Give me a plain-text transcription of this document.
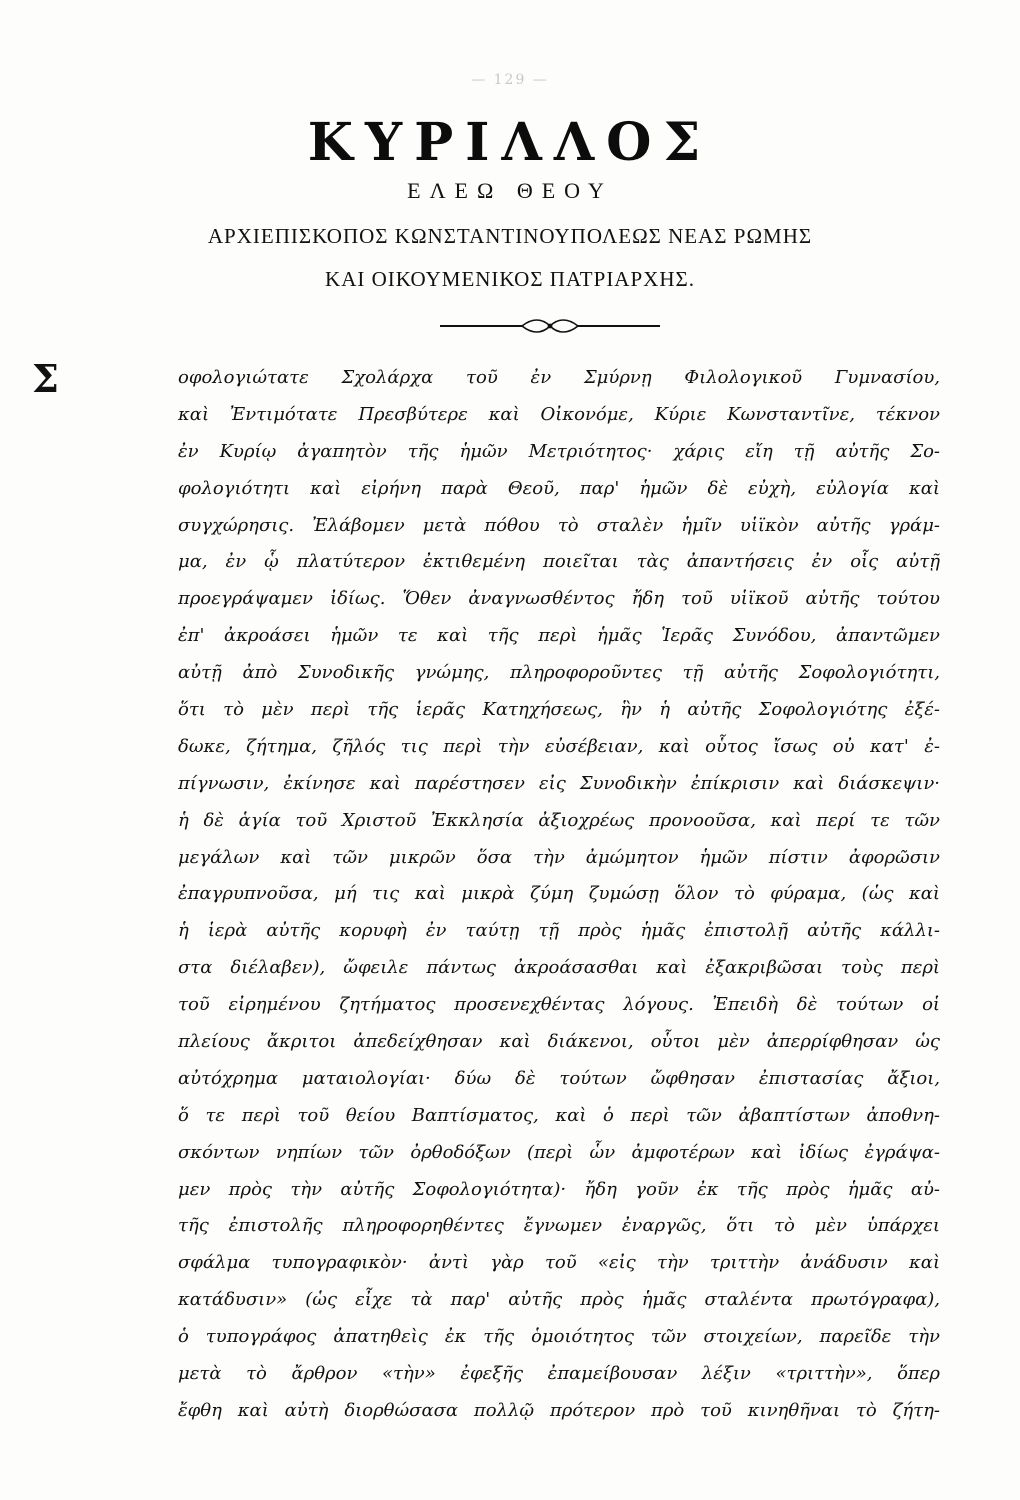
— 129 —
ΚΥΡΙΛΛΟΣ
ΕΛΕΩ ΘΕΟΥ
ΑΡΧΙΕΠΙΣΚΟΠΟΣ ΚΩΝΣΤΑΝΤΙΝΟΥΠΟΛΕΩΣ ΝΕΑΣ ΡΩΜΗΣ
ΚΑΙ ΟΙΚΟΥΜΕΝΙΚΟΣ ΠΑΤΡΙΑΡΧΗΣ.
Σ	οφολογιώτατε Σχολάρχα τοῦ ἐν Σμύρνῃ Φιλολογικοῦ Γυμνασίου,
καὶ Ἐντιμότατε Πρεσβύτερε καὶ Οἰκονόμε, Κύριε Κωνσταντῖνε, τέκνον
ἐν Κυρίῳ ἀγαπητὸν τῆς ἡμῶν Μετριότητος· χάρις εἴη τῇ αὐτῆς Σο-
φολογιότητι καὶ εἰρήνη παρὰ Θεοῦ, παρ' ἡμῶν δὲ εὐχὴ, εὐλογία καὶ
συγχώρησις. Ἐλάβομεν μετὰ πόθου τὸ σταλὲν ἡμῖν υἱϊκὸν αὐτῆς γράμ-
μα, ἐν ᾧ πλατύτερον ἐκτιθεμένη ποιεῖται τὰς ἀπαντήσεις ἐν οἷς αὐτῇ
προεγράψαμεν ἰδίως. Ὅθεν ἀναγνωσθέντος ἤδη τοῦ υἱϊκοῦ αὐτῆς τούτου
ἐπ' ἀκροάσει ἡμῶν τε καὶ τῆς περὶ ἡμᾶς Ἱερᾶς Συνόδου, ἀπαντῶμεν
αὐτῇ ἀπὸ Συνοδικῆς γνώμης, πληροφοροῦντες τῇ αὐτῆς Σοφολογιότητι,
ὅτι τὸ μὲν περὶ τῆς ἱερᾶς Κατηχήσεως, ἣν ἡ αὐτῆς Σοφολογιότης ἐξέ-
δωκε, ζήτημα, ζῆλός τις περὶ τὴν εὐσέβειαν, καὶ οὗτος ἴσως οὐ κατ' ἐ-
πίγνωσιν, ἐκίνησε καὶ παρέστησεν εἰς Συνοδικὴν ἐπίκρισιν καὶ διάσκεψιν·
ἡ δὲ ἁγία τοῦ Χριστοῦ Ἐκκλησία ἀξιοχρέως προνοοῦσα, καὶ περί τε τῶν
μεγάλων καὶ τῶν μικρῶν ὅσα τὴν ἀμώμητον ἡμῶν πίστιν ἀφορῶσιν
ἐπαγρυπνοῦσα, μή τις καὶ μικρὰ ζύμη ζυμώσῃ ὅλον τὸ φύραμα, (ὡς καὶ
ἡ ἱερὰ αὐτῆς κορυφὴ ἐν ταύτῃ τῇ πρὸς ἡμᾶς ἐπιστολῇ αὐτῆς κάλλι-
στα διέλαβεν), ὤφειλε πάντως ἀκροάσασθαι καὶ ἐξακριβῶσαι τοὺς περὶ
τοῦ εἰρημένου ζητήματος προσενεχθέντας λόγους. Ἐπειδὴ δὲ τούτων οἱ
πλείους ἄκριτοι ἀπεδείχθησαν καὶ διάκενοι, οὗτοι μὲν ἀπερρίφθησαν ὡς
αὐτόχρημα ματαιολογίαι· δύω δὲ τούτων ὤφθησαν ἐπιστασίας ἄξιοι,
ὅ τε περὶ τοῦ θείου Βαπτίσματος, καὶ ὁ περὶ τῶν ἀβαπτίστων ἀποθνη-
σκόντων νηπίων τῶν ὀρθοδόξων (περὶ ὧν ἀμφοτέρων καὶ ἰδίως ἐγράψα-
μεν πρὸς τὴν αὐτῆς Σοφολογιότητα)· ἤδη γοῦν ἐκ τῆς πρὸς ἡμᾶς αὐ-
τῆς ἐπιστολῆς πληροφορηθέντες ἔγνωμεν ἐναργῶς, ὅτι τὸ μὲν ὑπάρχει
σφάλμα τυπογραφικὸν· ἀντὶ γὰρ τοῦ «εἰς τὴν τριττὴν ἀνάδυσιν καὶ
κατάδυσιν» (ὡς εἶχε τὰ παρ' αὐτῆς πρὸς ἡμᾶς σταλέντα πρωτόγραφα),
ὁ τυπογράφος ἀπατηθεὶς ἐκ τῆς ὁμοιότητος τῶν στοιχείων, παρεῖδε τὴν
μετὰ τὸ ἄρθρον «τὴν» ἐφεξῆς ἐπαμείβουσαν λέξιν «τριττὴν», ὅπερ
ἔφθη καὶ αὐτὴ διορθώσασα πολλῷ πρότερον πρὸ τοῦ κινηθῆναι τὸ ζήτη-
